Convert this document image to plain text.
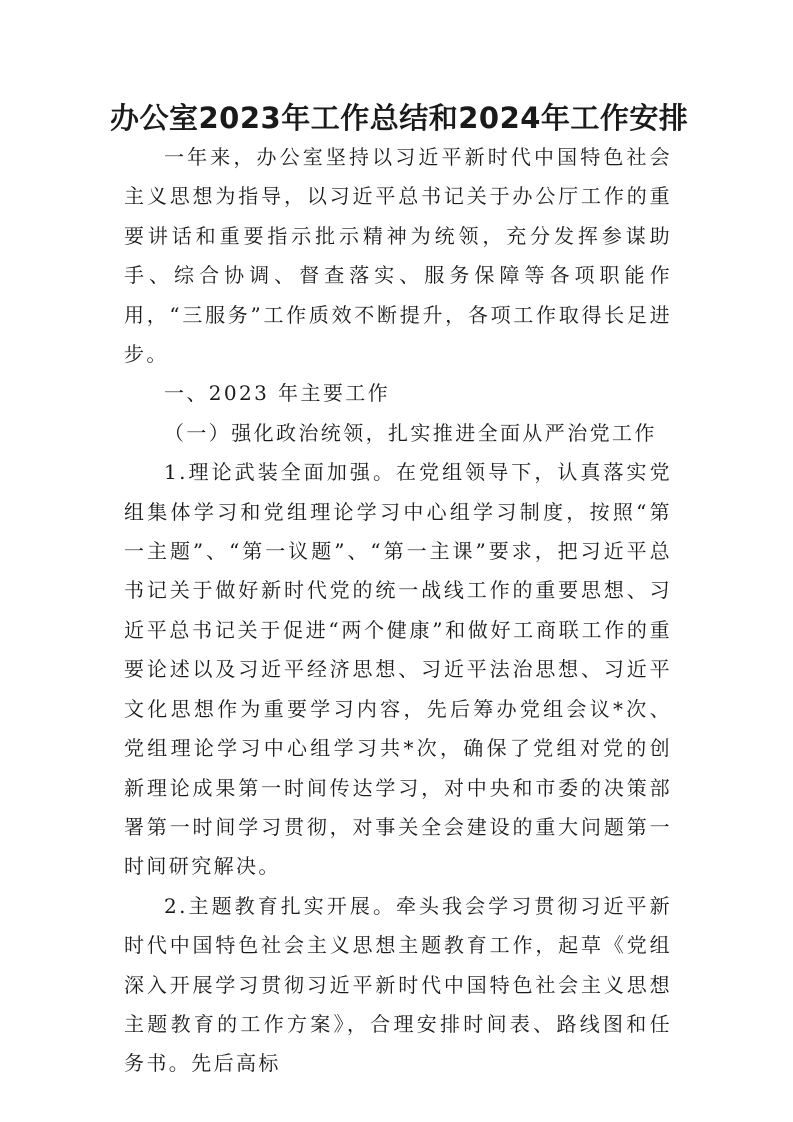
办公室2023年工作总结和2024年工作安排

一年来，办公室坚持以习近平新时代中国特色社会主义思想为指导，以习近平总书记关于办公厅工作的重要讲话和重要指示批示精神为统领，充分发挥参谋助手、综合协调、督查落实、服务保障等各项职能作用，“三服务”工作质效不断提升，各项工作取得长足进步。

一、2023 年主要工作

（一）强化政治统领，扎实推进全面从严治党工作

1.理论武装全面加强。在党组领导下，认真落实党组集体学习和党组理论学习中心组学习制度，按照“第一主题”、“第一议题”、“第一主课”要求，把习近平总书记关于做好新时代党的统一战线工作的重要思想、习近平总书记关于促进“两个健康”和做好工商联工作的重要论述以及习近平经济思想、习近平法治思想、习近平文化思想作为重要学习内容，先后筹办党组会议*次、党组理论学习中心组学习共*次，确保了党组对党的创新理论成果第一时间传达学习，对中央和市委的决策部署第一时间学习贯彻，对事关全会建设的重大问题第一时间研究解决。

2.主题教育扎实开展。牵头我会学习贯彻习近平新时代中国特色社会主义思想主题教育工作，起草《党组深入开展学习贯彻习近平新时代中国特色社会主义思想主题教育的工作方案》，合理安排时间表、路线图和任务书。先后高标
